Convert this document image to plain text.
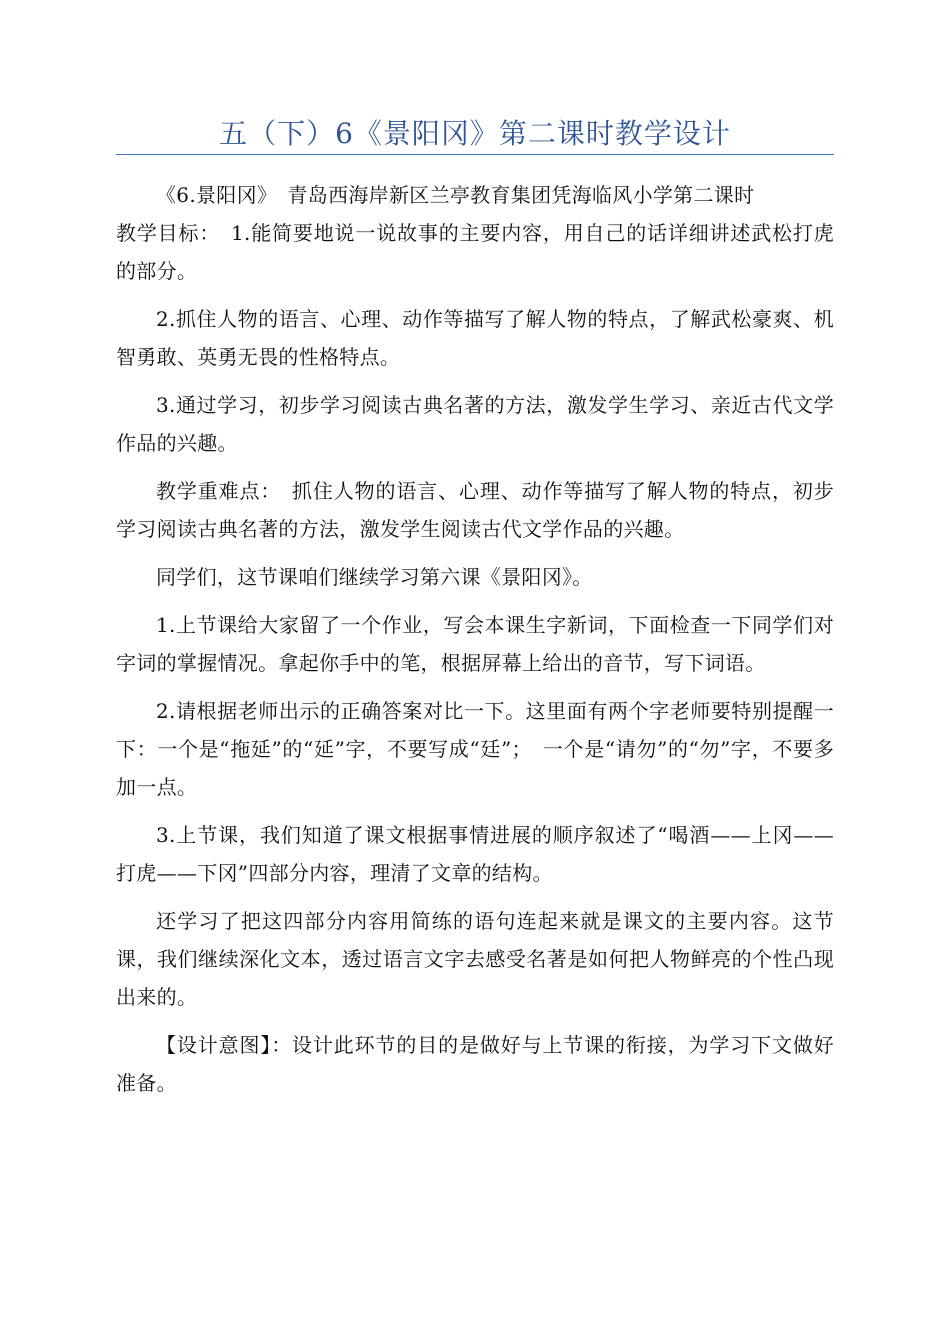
五（下）6《景阳冈》第二课时教学设计

《6.景阳冈》　青岛西海岸新区兰亭教育集团凭海临风小学第二课时

教学目标：　1.能简要地说一说故事的主要内容，用自己的话详细讲述武松打虎的部分。

2.抓住人物的语言、心理、动作等描写了解人物的特点，了解武松豪爽、机智勇敢、英勇无畏的性格特点。

3.通过学习，初步学习阅读古典名著的方法，激发学生学习、亲近古代文学作品的兴趣。

教学重难点：　抓住人物的语言、心理、动作等描写了解人物的特点，初步学习阅读古典名著的方法，激发学生阅读古代文学作品的兴趣。

同学们，这节课咱们继续学习第六课《景阳冈》。

1.上节课给大家留了一个作业，写会本课生字新词，下面检查一下同学们对字词的掌握情况。拿起你手中的笔，根据屏幕上给出的音节，写下词语。

2.请根据老师出示的正确答案对比一下。这里面有两个字老师要特别提醒一下：一个是“拖延”的“延”字，不要写成“廷”；　一个是“请勿”的“勿”字，不要多加一点。

3.上节课，我们知道了课文根据事情进展的顺序叙述了“喝酒——上冈——打虎——下冈”四部分内容，理清了文章的结构。

还学习了把这四部分内容用简练的语句连起来就是课文的主要内容。这节课，我们继续深化文本，透过语言文字去感受名著是如何把人物鲜亮的个性凸现出来的。

【设计意图】：设计此环节的目的是做好与上节课的衔接，为学习下文做好准备。
